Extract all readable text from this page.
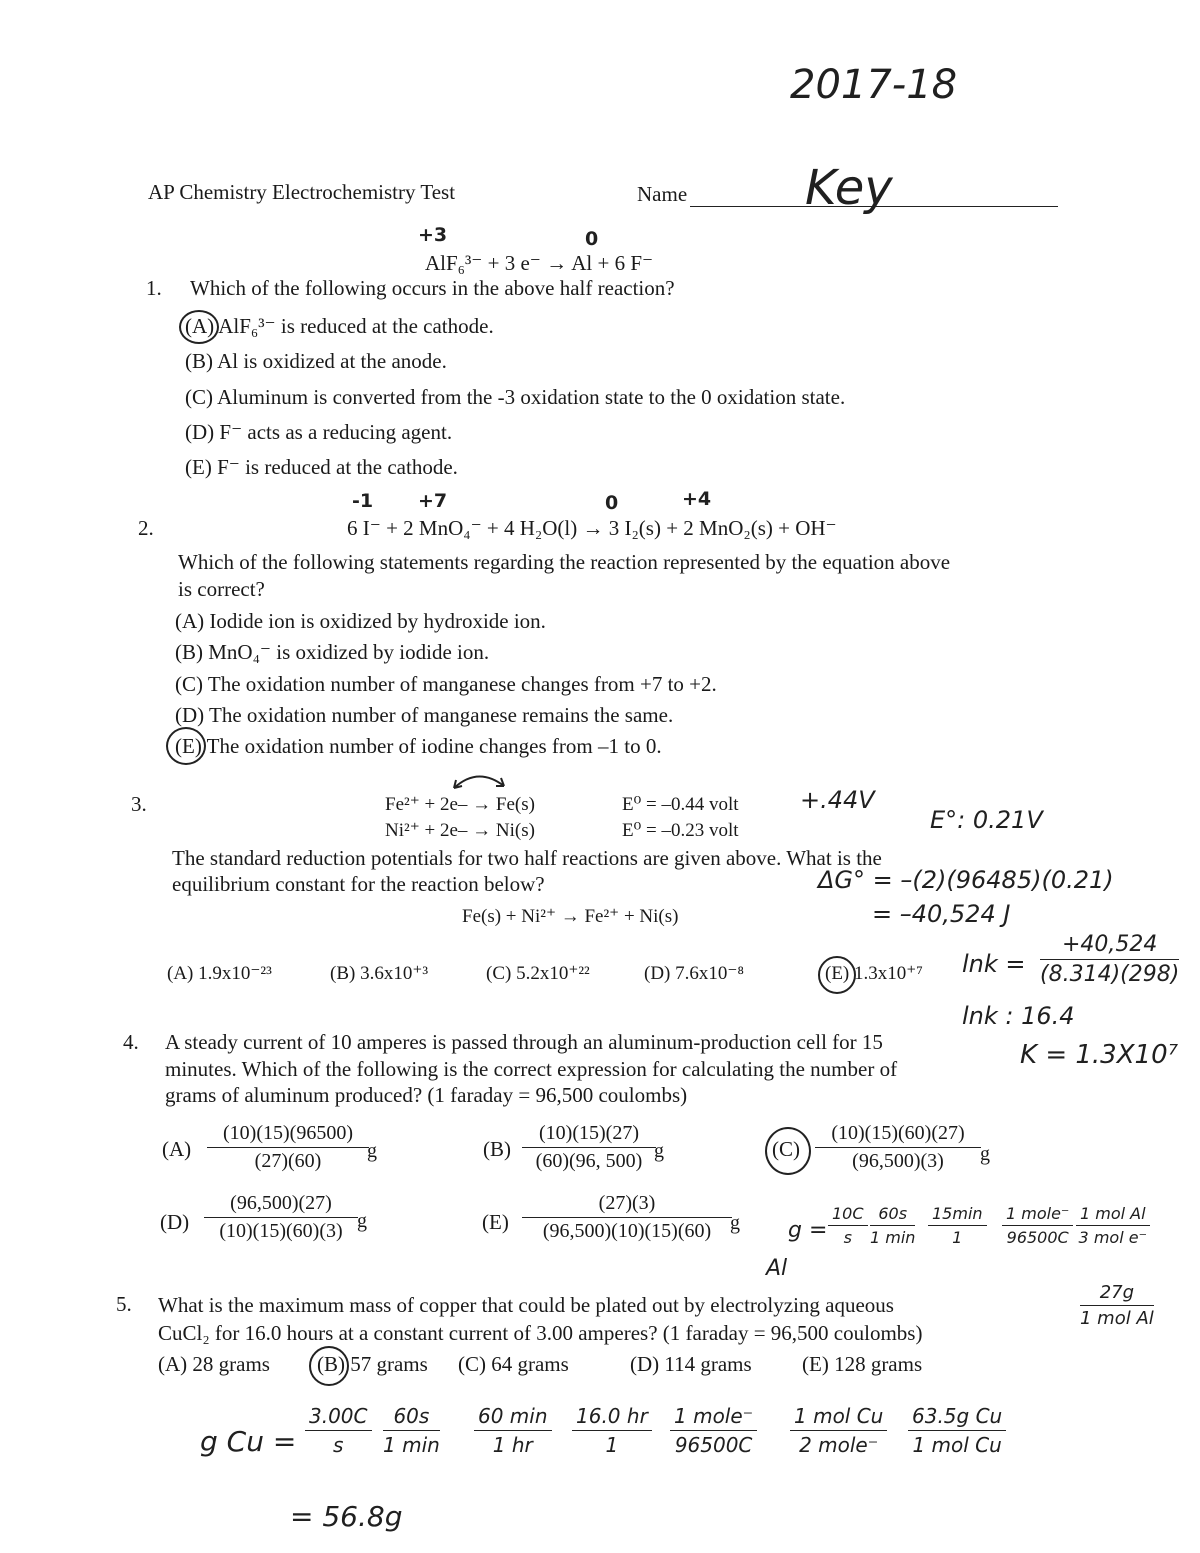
2017-18
AP Chemistry Electrochemistry Test	Name Key
+3	0
AlF₆³⁻ + 3 e⁻ → Al + 6 F⁻
1. Which of the following occurs in the above half reaction?
(A) AlF₆³⁻ is reduced at the cathode.
(B) Al is oxidized at the anode.
(C) Aluminum is converted from the -3 oxidation state to the 0 oxidation state.
(D) F⁻ acts as a reducing agent.
(E) F⁻ is reduced at the cathode.
-1 +7	0	+4
2.	6 I⁻ + 2 MnO₄⁻ + 4 H₂O(l) → 3 I₂(s) + 2 MnO₂(s) + OH⁻
Which of the following statements regarding the reaction represented by the equation above
is correct?
(A) Iodide ion is oxidized by hydroxide ion.
(B) MnO₄⁻ is oxidized by iodide ion.
(C) The oxidation number of manganese changes from +7 to +2.
(D) The oxidation number of manganese remains the same.
(E) The oxidation number of iodine changes from –1 to 0.
3.	Fe²⁺ + 2e– → Fe(s)	E⁰ = –0.44 volt
Ni²⁺ + 2e– → Ni(s)	E⁰ = –0.23 volt
+.44V
E°: 0.21V
The standard reduction potentials for two half reactions are given above. What is the
equilibrium constant for the reaction below?	ΔG° = –(2)(96485)(0.21)
= –40,524 J
Fe(s) + Ni²⁺ → Fe²⁺ + Ni(s)
(A) 1.9x10⁻²³	(B) 3.6x10⁺³	(C) 5.2x10⁺²²	(D) 7.6x10⁻⁸	(E) 1.3x10⁺⁷ $\ln k = \frac{+40,524}{(8.314)(298)}$
lnk : 16.4
K = 1.3X10⁷
4. A steady current of 10 amperes is passed through an aluminum-production cell for 15
minutes. Which of the following is the correct expression for calculating the number of
grams of aluminum produced? (1 faraday = 96,500 coulombs)
$(A) \frac{(10)(15)(96500)}{(27)(60)}$
g	$(B) \frac{(10)(15)(27)}{(60)(96, 500)}$
g	$(C) \frac{(10)(15)(60)(27)}{(96,500)(3)}$ g
$(D) \frac{(96,500)(27)}{(10)(15)(60)(3)}$ g	$(E) \frac{(27)(3)}{(96,500)(10)(15)(60)}$
g g =
Al
$\frac{10C}{s} 60s$
1 min
15min
1
1 mole⁻
96500C
1 mol Al
3 mol e⁻
27g
1 mol Al
5. What is the maximum mass of copper that could be plated out by electrolyzing aqueous
CuCl₂ for 16.0 hours at a constant current of 3.00 amperes? (1 faraday = 96,500 coulombs)
(A) 28 grams (B) 57 grams (C) 64 grams	(D) 114 grams (E) 128 grams
g $Cu = \frac{3.00C}{s}$	60s
1 min
60 min
1 hr	$\frac{16.0 hr}{1} 1$ mole⁻
96500C
1 mol Cu
2 mole⁻
63.5g Cu
1 mol Cu
= 56.8g
